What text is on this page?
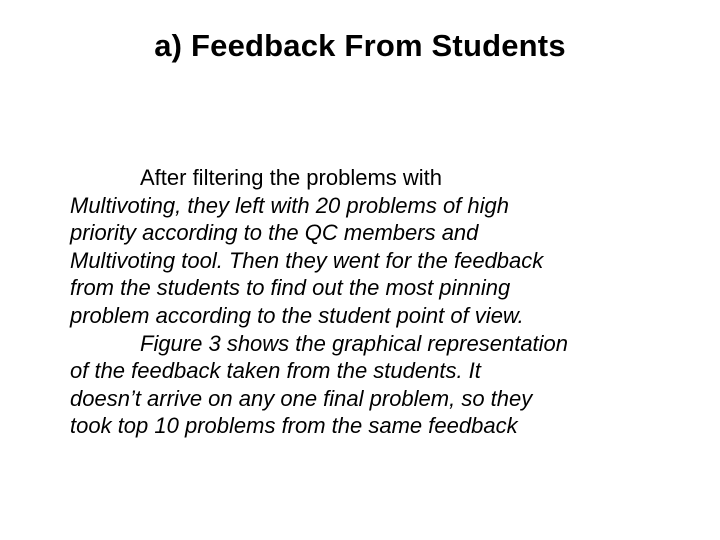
a) Feedback From Students

After filtering the problems with
Multivoting, they left with 20 problems of high
priority according to the QC members and
Multivoting tool. Then they went for the feedback
from the students to find out the most pinning
problem according to the student point of view.

Figure 3 shows the graphical representation
of the feedback taken from the students. It
doesn’t arrive on any one final problem, so they
took top 10 problems from the same feedback
